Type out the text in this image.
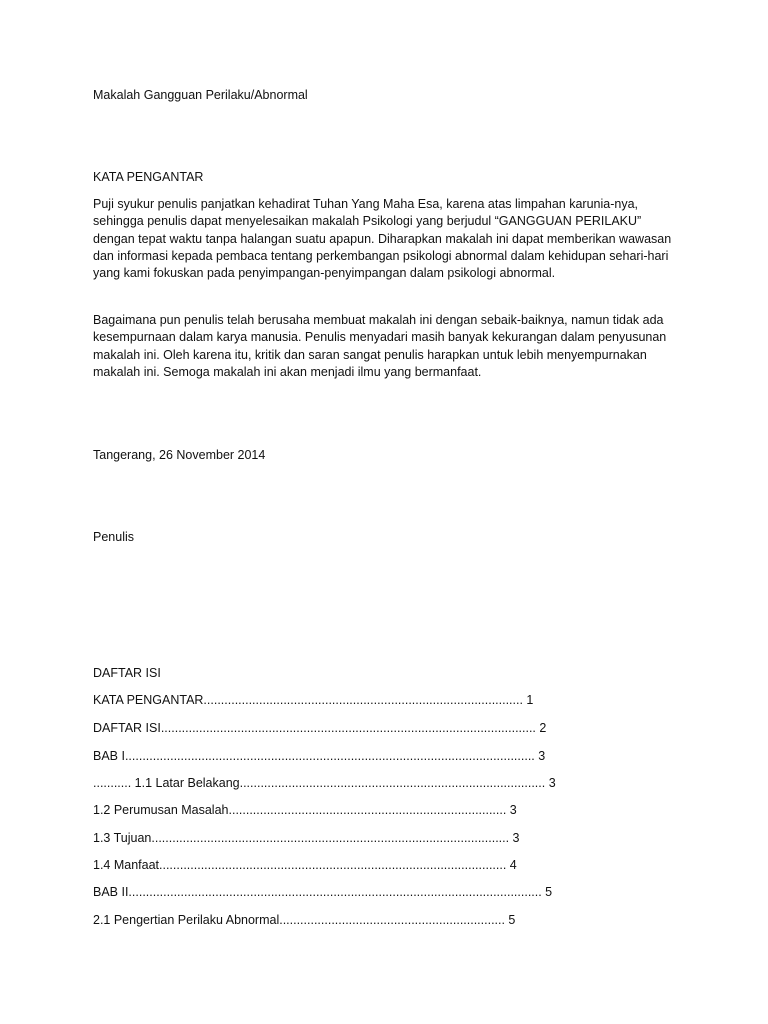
Makalah Gangguan Perilaku/Abnormal
KATA PENGANTAR

Puji syukur penulis panjatkan kehadirat Tuhan Yang Maha Esa, karena atas limpahan karunia-nya, sehingga penulis dapat menyelesaikan makalah Psikologi yang berjudul “GANGGUAN PERILAKU” dengan tepat waktu tanpa halangan suatu apapun. Diharapkan makalah ini dapat memberikan wawasan dan informasi kepada pembaca tentang perkembangan psikologi abnormal dalam kehidupan sehari-hari yang kami fokuskan pada penyimpangan-penyimpangan dalam psikologi abnormal.

Bagaimana pun penulis telah berusaha membuat makalah ini dengan sebaik-baiknya, namun tidak ada kesempurnaan dalam karya manusia. Penulis menyadari masih banyak kekurangan dalam penyusunan makalah ini. Oleh karena itu, kritik dan saran sangat penulis harapkan untuk lebih menyempurnakan makalah ini. Semoga makalah ini akan menjadi ilmu yang bermanfaat.

Tangerang, 26 November 2014
Penulis
DAFTAR ISI
KATA PENGANTAR............................................................................................ 1
DAFTAR ISI............................................................................................................ 2
BAB I...................................................................................................................... 3
........... 1.1 Latar Belakang........................................................................................ 3
1.2 Perumusan Masalah................................................................................ 3
1.3 Tujuan....................................................................................................... 3
1.4 Manfaat.................................................................................................... 4
BAB II....................................................................................................................... 5
2.1 Pengertian Perilaku Abnormal................................................................. 5
